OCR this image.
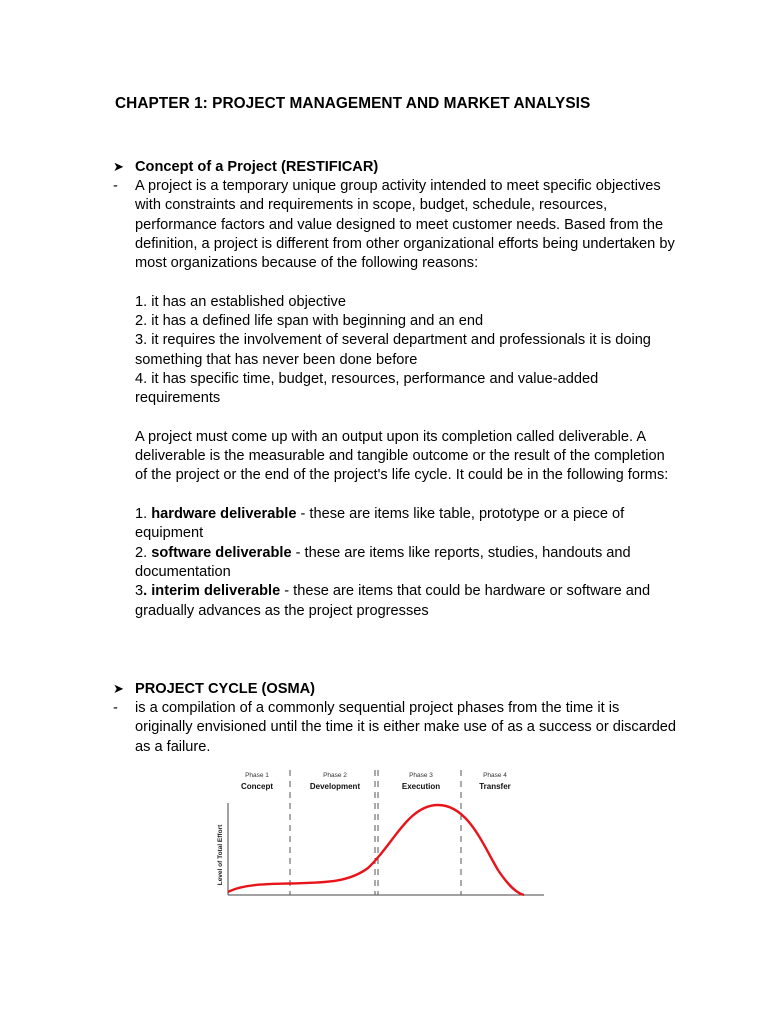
CHAPTER 1: PROJECT MANAGEMENT AND MARKET ANALYSIS
➤ Concept of a Project (RESTIFICAR)
- A project is a temporary unique group activity intended to meet specific objectives with constraints and requirements in scope, budget, schedule, resources, performance factors and value designed to meet customer needs. Based from the definition, a project is different from other organizational efforts being undertaken by most organizations because of the following reasons:

1. it has an established objective

2. it has a defined life span with beginning and an end

3. it requires the involvement of several department and professionals it is doing something that has never been done before

4. it has specific time, budget, resources, performance and value-added requirements

A project must come up with an output upon its completion called deliverable. A deliverable is the measurable and tangible outcome or the result of the completion of the project or the end of the project's life cycle. It could be in the following forms:

1. hardware deliverable - these are items like table, prototype or a piece of equipment

2. software deliverable - these are items like reports, studies, handouts and documentation

3. interim deliverable - these are items that could be hardware or software and gradually advances as the project progresses

➤ PROJECT CYCLE (OSMA)
- is a compilation of a commonly sequential project phases from the time it is originally envisioned until the time it is either make use of as a success or discarded as a failure.

Level of Total Effort
Phase 1
Concept
Phase 2
Development
Phase 3
Execution
Phase 4
Transfer
